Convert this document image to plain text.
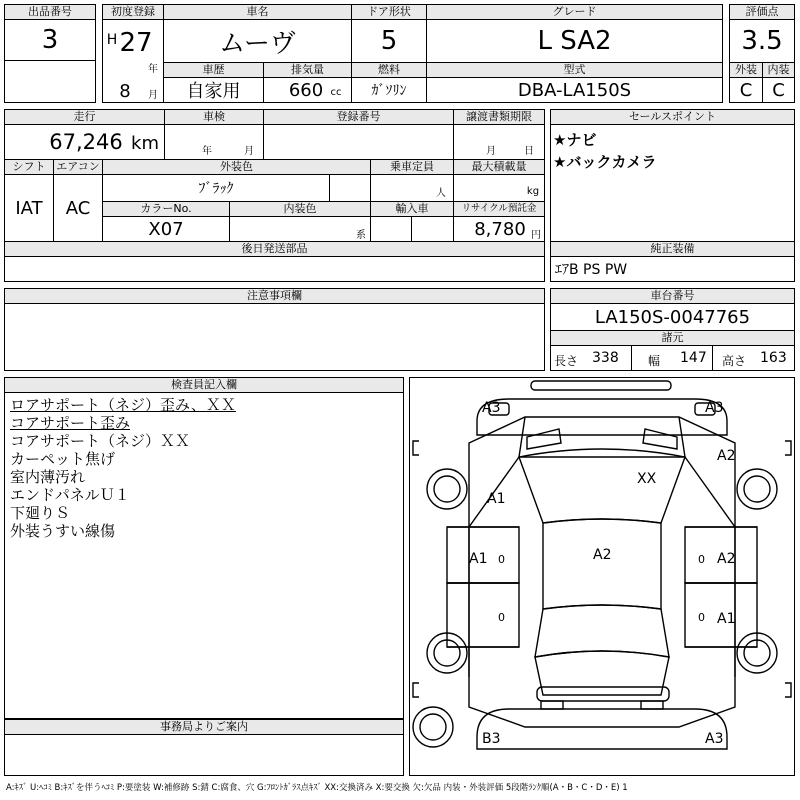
出品番号
3
初度登録
H 27
年
8	月
車名
ムーヴ
ドア形状
5
グレード
L SA2
評価点
3.5
車歴
自家用
排気量
660 cc
燃料
ｶﾞｿﾘﾝ
型式
DBA-LA150S
外装
C
内装
C
走行
67,246 km
車検
年	月
登録番号	譲渡書類期限
月	日
セールスポイント
★ナビ
★バックカメラ
シフト
IAT
エアコン
AC
外装色
ﾌﾞﾗｯｸ
乗車定員
人
最大積載量
kg
カラーNo.
X07
内装色
系
輸入車	リサイクル預託金
8,780 円
後日発送部品	純正装備
ｴｱB PS PW
注意事項欄	車台番号
LA150S-0047765
諸元
長さ 338 幅 147 高さ 163
検査員記入欄
ロアサポート（ネジ）歪み、ＸＸ
コアサポート歪み
コアサポート（ネジ）ＸＸ
カーペット焦げ
室内薄汚れ
エンドパネルＵ１
下廻りＳ
外装うすい線傷
事務局よりご案内
A3	A3
A2
XX
A1
A1 0	A2	0 A2
0	0 A1
B3	A3
A:ｷｽﾞ U:ﾍｺﾐ B:ｷｽﾞを伴うﾍｺﾐ P:要塗装 W:補修跡 S:錆 C:腐食、穴 G:ﾌﾛﾝﾄｶﾞﾗｽ点ｷｽﾞ XX:交換済み X:要交換 欠:欠品 内装・外装評価 5段階ﾗﾝｸ順(A・B・C・D・E) 1
